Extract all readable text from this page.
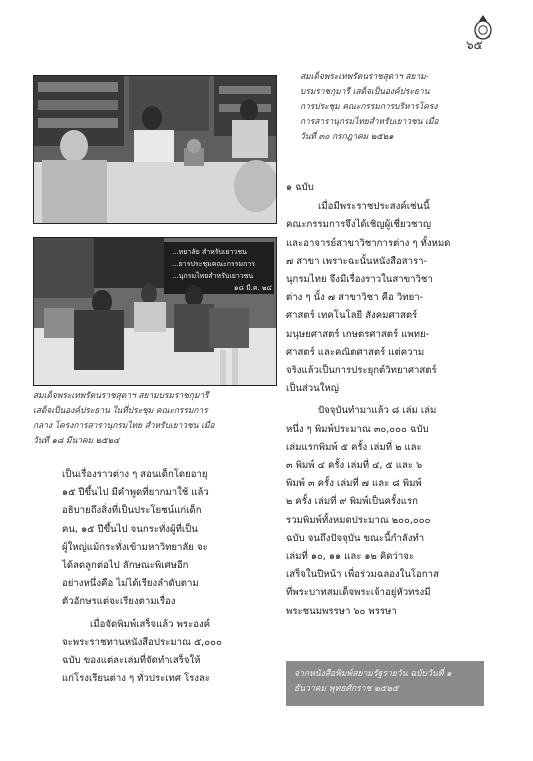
๖๕

สมเด็จพระเทพรัตนราชสุดาฯ สยาม-

บรมราชกุมารี เสด็จเป็นองค์ประธาน

การประชุม คณะกรรมการบริหารโครง

การสารานุกรมไทยสำหรับเยาวชน เมื่อ

วันที่ ๓๐ กรกฎาคม ๒๕๒๑

...ทยาลัย สำหรับเยาวชน
...ยารประชุมคณะกรรมการ
...นุกรมไทยสำหรับเยาวชน
๑๘ มี.ค. ๒๔

สมเด็จพระเทพรัตนราชสุดาฯ สยามบรมราชกุมารี

เสด็จเป็นองค์ประธาน ในที่ประชุม คณะกรรมการ

กลาง โครงการสารานุกรมไทย สำหรับเยาวชน เมื่อ

วันที่ ๑๘ มีนาคม ๒๕๒๔

๑ ฉบับ
เมื่อมีพระราชประสงค์เช่นนี้
คณะกรรมการจึงได้เชิญผู้เชี่ยวชาญ
และอาจารย์สาขาวิชาการต่าง ๆ ทั้งหมด
๗ สาขา เพราะฉะนั้นหนังสือสารา-
นุกรมไทย จึงมีเรื่องราวในสาขาวิชา
ต่าง ๆ นั้ง ๗ สาขาวิชา คือ วิทยา-
ศาสตร์ เทคโนโลยี สังคมศาสตร์
มนุษยศาสตร์ เกษตรศาสตร์ แพทย-
ศาสตร์ และคณิตศาสตร์ แต่ความ
จริงแล้วเป็นการประยุกต์วิทยาศาสตร์
เป็นส่วนใหญ่
ปัจจุบันทำมาแล้ว ๘ เล่ม เล่ม
หนึ่ง ๆ พิมพ์ประมาณ ๓๐,๐๐๐ ฉบับ
เล่มแรกพิมพ์ ๕ ครั้ง เล่มที่ ๒ และ
๓ พิมพ์ ๔ ครั้ง เล่มที่ ๔, ๕ และ ๖
พิมพ์ ๓ ครั้ง เล่มที่ ๗ และ ๘ พิมพ์
๒ ครั้ง เล่มที่ ๙ พิมพ์เป็นครั้งแรก
รวมพิมพ์ทั้งหมดประมาณ ๒๐๐,๐๐๐
ฉบับ จนถึงปัจจุบัน ขณะนี้กำลังทำ
เล่มที่ ๑๐, ๑๑ และ ๑๒ คิดว่าจะ
เสร็จในปีหน้า เพื่อร่วมฉลองในโอกาส
ที่พระบาทสมเด็จพระเจ้าอยู่หัวทรงมี
พระชนมพรรษา ๖๐ พรรษา
เป็นเรื่องราวต่าง ๆ สอนเด็กโดยอายุ
๑๕ ปีขึ้นไป มีคำพูดที่ยากมาใช้ แล้ว
อธิบายถึงสิ่งที่เป็นประโยชน์แก่เด็ก
คน, ๑๕ ปีขึ้นไป จนกระทั่งผู้ที่เป็น
ผู้ใหญ่แม้กระทั่งเข้ามหาวิทยาลัย จะ
ได้ลดลูกต่อไป ลักษณะพิเศษอีก
อย่างหนึ่งคือ ไม่ได้เรียงลำดับตาม
ตัวอักษรแต่จะเรียงตามเรื่อง
เมื่อจัดพิมพ์เสร็จแล้ว พระองค์
จะพระราชทานหนังสือประมาณ ๕,๐๐๐
ฉบับ ของแต่ละเล่มที่จัดทำเสร็จให้
แก่โรงเรียนต่าง ๆ ทั่วประเทศ โรงละ	จากหนังสือพิมพ์สยามรัฐรายวัน ฉบับวันที่ ๑

ธันวาคม พุทธศักราช ๒๕๒๕
